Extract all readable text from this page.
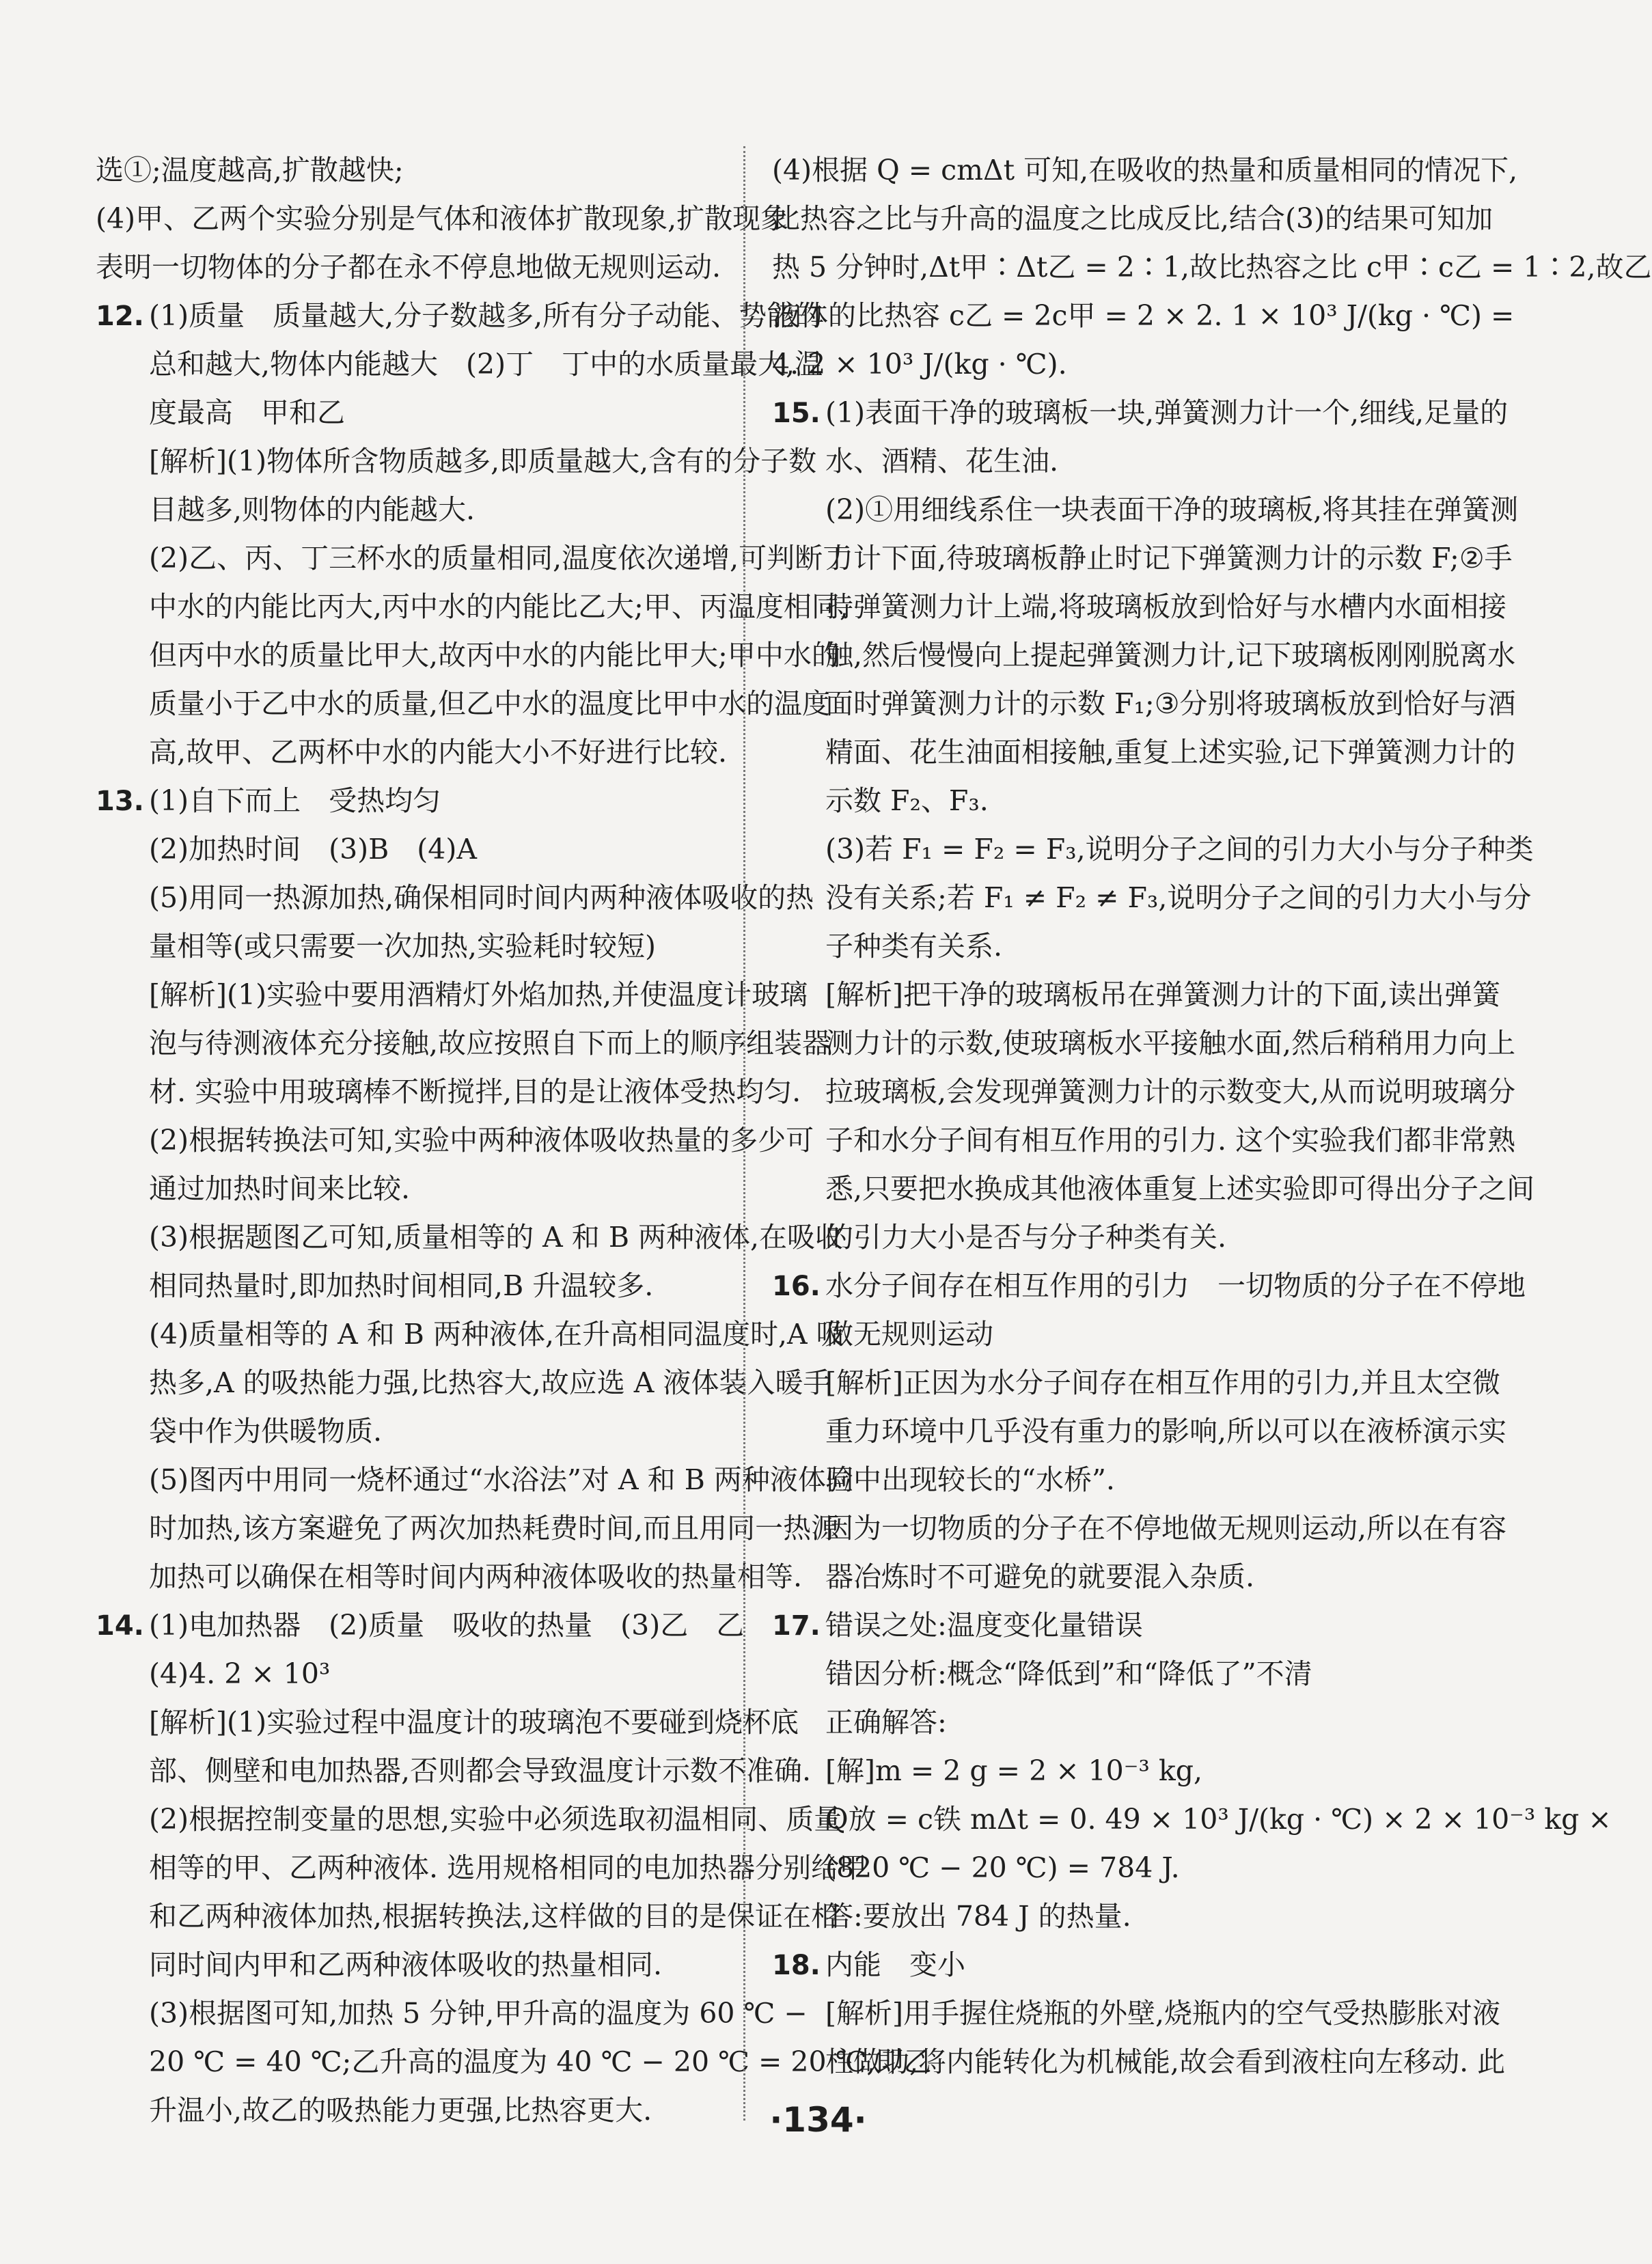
选①;温度越高,扩散越快;
(4)甲、乙两个实验分别是气体和液体扩散现象,扩散现象
表明一切物体的分子都在永不停息地做无规则运动.
12. (1)质量　质量越大,分子数越多,所有分子动能、势能的
总和越大,物体内能越大　(2)丁　丁中的水质量最大,温
度最高　甲和乙
[解析](1)物体所含物质越多,即质量越大,含有的分子数
目越多,则物体的内能越大.
(2)乙、丙、丁三杯水的质量相同,温度依次递增,可判断丁
中水的内能比丙大,丙中水的内能比乙大;甲、丙温度相同,
但丙中水的质量比甲大,故丙中水的内能比甲大;甲中水的
质量小于乙中水的质量,但乙中水的温度比甲中水的温度
高,故甲、乙两杯中水的内能大小不好进行比较.
13. (1)自下而上　受热均匀
(2)加热时间　(3)B　(4)A
(5)用同一热源加热,确保相同时间内两种液体吸收的热
量相等(或只需要一次加热,实验耗时较短)
[解析](1)实验中要用酒精灯外焰加热,并使温度计玻璃
泡与待测液体充分接触,故应按照自下而上的顺序组装器
材. 实验中用玻璃棒不断搅拌,目的是让液体受热均匀.
(2)根据转换法可知,实验中两种液体吸收热量的多少可
通过加热时间来比较.
(3)根据题图乙可知,质量相等的 A 和 B 两种液体,在吸收
相同热量时,即加热时间相同,B 升温较多.
(4)质量相等的 A 和 B 两种液体,在升高相同温度时,A 吸
热多,A 的吸热能力强,比热容大,故应选 A 液体装入暖手
袋中作为供暖物质.
(5)图丙中用同一烧杯通过“水浴法”对 A 和 B 两种液体同
时加热,该方案避免了两次加热耗费时间,而且用同一热源
加热可以确保在相等时间内两种液体吸收的热量相等.
14. (1)电加热器　(2)质量　吸收的热量　(3)乙　乙
(4)4. 2 × 10³
[解析](1)实验过程中温度计的玻璃泡不要碰到烧杯底
部、侧壁和电加热器,否则都会导致温度计示数不准确.
(2)根据控制变量的思想,实验中必须选取初温相同、质量
相等的甲、乙两种液体. 选用规格相同的电加热器分别给甲
和乙两种液体加热,根据转换法,这样做的目的是保证在相
同时间内甲和乙两种液体吸收的热量相同.
(3)根据图可知,加热 5 分钟,甲升高的温度为 60 ℃ −
20 ℃ = 40 ℃;乙升高的温度为 40 ℃ − 20 ℃ = 20 ℃,即乙
升温小,故乙的吸热能力更强,比热容更大.
(4)根据 Q = cmΔt 可知,在吸收的热量和质量相同的情况下,
比热容之比与升高的温度之比成反比,结合(3)的结果可知加
热 5 分钟时,Δt甲∶Δt乙 = 2∶1,故比热容之比 c甲∶c乙 = 1∶2,故乙
液体的比热容 c乙 = 2c甲 = 2 × 2. 1 × 10³ J/(kg · ℃) =
4. 2 × 10³ J/(kg · ℃).
15. (1)表面干净的玻璃板一块,弹簧测力计一个,细线,足量的
水、酒精、花生油.
(2)①用细线系住一块表面干净的玻璃板,将其挂在弹簧测
力计下面,待玻璃板静止时记下弹簧测力计的示数 F;②手
持弹簧测力计上端,将玻璃板放到恰好与水槽内水面相接
触,然后慢慢向上提起弹簧测力计,记下玻璃板刚刚脱离水
面时弹簧测力计的示数 F₁;③分别将玻璃板放到恰好与酒
精面、花生油面相接触,重复上述实验,记下弹簧测力计的
示数 F₂、F₃.
(3)若 F₁ = F₂ = F₃,说明分子之间的引力大小与分子种类
没有关系;若 F₁ ≠ F₂ ≠ F₃,说明分子之间的引力大小与分
子种类有关系.
[解析]把干净的玻璃板吊在弹簧测力计的下面,读出弹簧
测力计的示数,使玻璃板水平接触水面,然后稍稍用力向上
拉玻璃板,会发现弹簧测力计的示数变大,从而说明玻璃分
子和水分子间有相互作用的引力. 这个实验我们都非常熟
悉,只要把水换成其他液体重复上述实验即可得出分子之间
的引力大小是否与分子种类有关.
16. 水分子间存在相互作用的引力　一切物质的分子在不停地
做无规则运动
[解析]正因为水分子间存在相互作用的引力,并且太空微
重力环境中几乎没有重力的影响,所以可以在液桥演示实
验中出现较长的“水桥”.
因为一切物质的分子在不停地做无规则运动,所以在有容
器冶炼时不可避免的就要混入杂质.
17. 错误之处:温度变化量错误
错因分析:概念“降低到”和“降低了”不清
正确解答:
[解]m = 2 g = 2 × 10⁻³ kg,
Q放 = c铁 mΔt = 0. 49 × 10³ J/(kg · ℃) × 2 × 10⁻³ kg ×
(820 ℃ − 20 ℃) = 784 J.
答:要放出 784 J 的热量.
18. 内能　变小
[解析]用手握住烧瓶的外壁,烧瓶内的空气受热膨胀对液
柱做功,将内能转化为机械能,故会看到液柱向左移动. 此
·134·
